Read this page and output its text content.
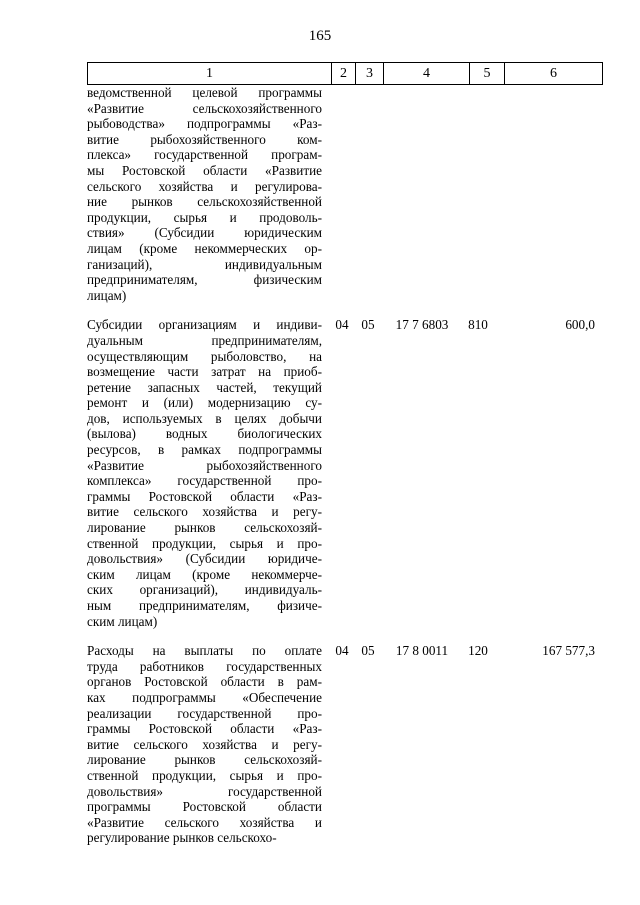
165
1	2	3	4	5	6
ведомственной целевой программы
«Развитие сельскохозяйственного
рыбоводства» подпрограммы «Раз-
витие рыбохозяйственного ком-
плекса» государственной програм-
мы Ростовской области «Развитие
сельского хозяйства и регулирова-
ние рынков сельскохозяйственной
продукции, сырья и продоволь-
ствия» (Субсидии юридическим
лицам (кроме некоммерческих ор-
ганизаций), индивидуальным
предпринимателям, физическим
лицам)
Субсидии организациям и индиви-
дуальным предпринимателям,
осуществляющим рыболовство, на
возмещение части затрат на приоб-
ретение запасных частей, текущий
ремонт и (или) модернизацию су-
дов, используемых в целях добычи
(вылова) водных биологических
ресурсов, в рамках подпрограммы
«Развитие рыбохозяйственного
комплекса» государственной про-
граммы Ростовской области «Раз-
витие сельского хозяйства и регу-
лирование рынков сельскохозяй-
ственной продукции, сырья и про-
довольствия» (Субсидии юридиче-
ским лицам (кроме некоммерче-
ских организаций), индивидуаль-
ным предпринимателям, физиче-
ским лицам)
04 05	17 7 6803	810	600,0
Расходы на выплаты по оплате
труда работников государственных
органов Ростовской области в рам-
ках подпрограммы «Обеспечение
реализации государственной про-
граммы Ростовской области «Раз-
витие сельского хозяйства и регу-
лирование рынков сельскохозяй-
ственной продукции, сырья и про-
довольствия» государственной
программы Ростовской области
«Развитие сельского хозяйства и
регулирование рынков сельскохо-
04 05	17 8 0011	120	167 577,3
